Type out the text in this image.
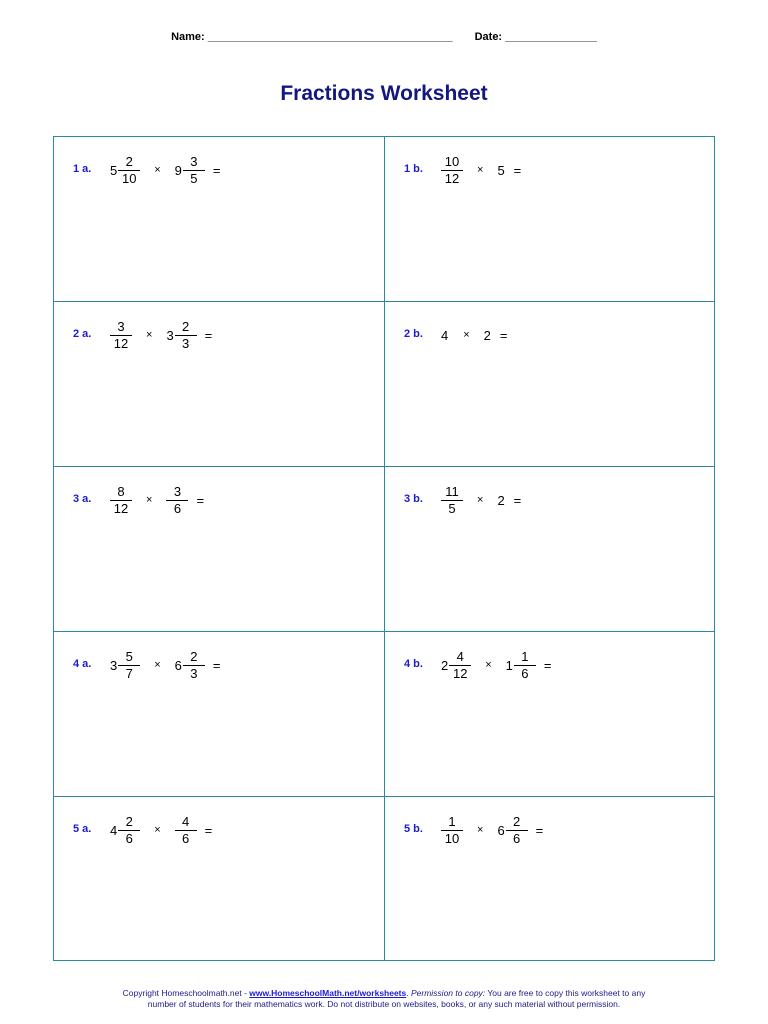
Name: ________________________________________ Date: _______________
Fractions Worksheet
1 a. $5 \frac{2}{10} \times 9 \frac{3}{5}$ =	1 b. $\frac{10}{12} \times 5$ =
2 a. $\frac{3}{12} \times 3 \frac{2}{3}$ =	2 b. 4 × 2 =
3 a. $\frac{8}{12} \times \frac{3}{6}$ =	3 b. $\frac{11}{5} \times 2$ =
4 a. $3 \frac{5}{7} \times 6 \frac{2}{3}$ =	4 b. $2 \frac{4}{12} \times 1 \frac{1}{6}$ =
5 a. $4 \frac{2}{6} \times \frac{4}{6}$ =	5 b. $\frac{1}{10} \times 6 \frac{2}{6}$ =
Copyright Homeschoolmath.net - www.HomeschoolMath.net/worksheets. Permission to copy: You are free to copy this worksheet to any
number of students for their mathematics work. Do not distribute on websites, books, or any such material without permission.
